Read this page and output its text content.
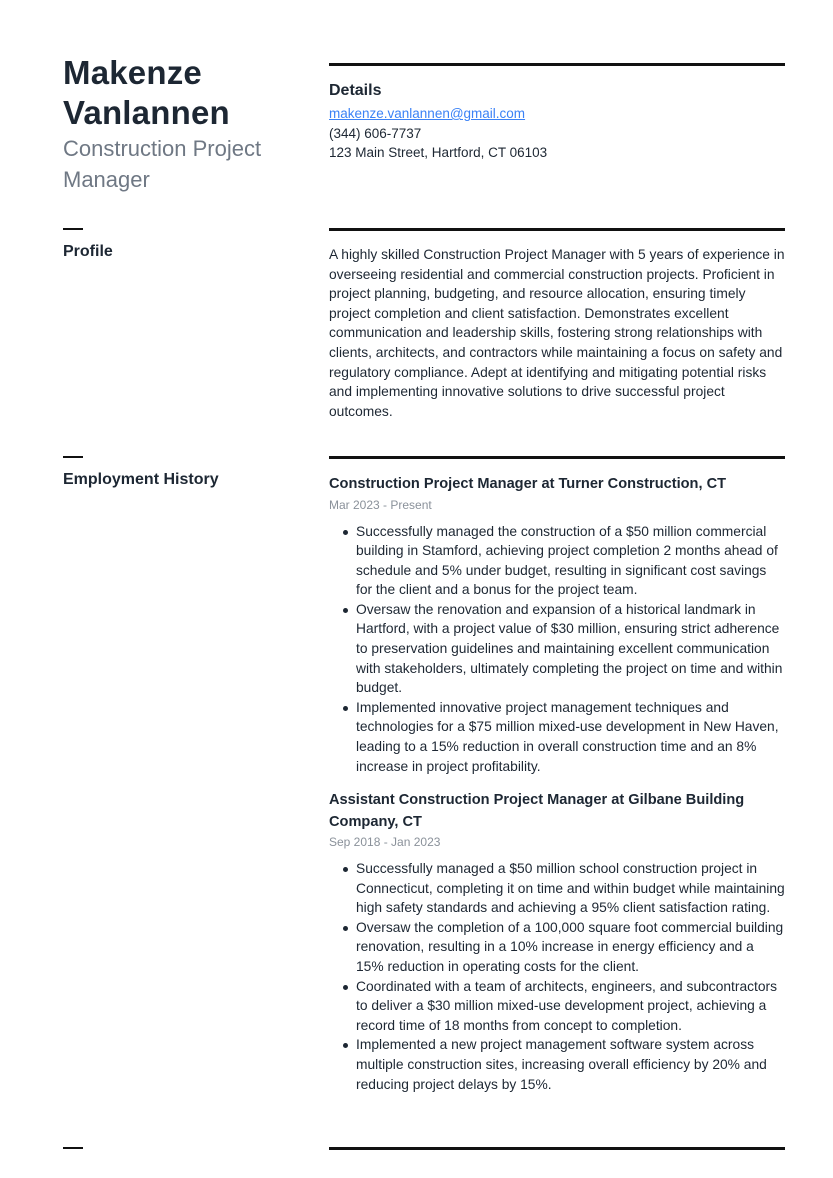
Makenze
Vanlannen
Construction Project
Manager
Details
makenze.vanlannen@gmail.com
(344) 606-7737
123 Main Street, Hartford, CT 06103
Profile	A highly skilled Construction Project Manager with 5 years of experience in overseeing residential and commercial construction projects. Proficient in project planning, budgeting, and resource allocation, ensuring timely project completion and client satisfaction. Demonstrates excellent communication and leadership skills, fostering strong relationships with clients, architects, and contractors while maintaining a focus on safety and regulatory compliance. Adept at identifying and mitigating potential risks and implementing innovative solutions to drive successful project outcomes.
Employment History	Construction Project Manager at Turner Construction, CT
Mar 2023 - Present
Successfully managed the construction of a $50 million commercial building in Stamford, achieving project completion 2 months ahead of schedule and 5% under budget, resulting in significant cost savings for the client and a bonus for the project team.
Oversaw the renovation and expansion of a historical landmark in Hartford, with a project value of $30 million, ensuring strict adherence to preservation guidelines and maintaining excellent communication with stakeholders, ultimately completing the project on time and within budget.
Implemented innovative project management techniques and technologies for a $75 million mixed-use development in New Haven, leading to a 15% reduction in overall construction time and an 8% increase in project profitability.
Assistant Construction Project Manager at Gilbane Building Company, CT
Sep 2018 - Jan 2023
Successfully managed a $50 million school construction project in Connecticut, completing it on time and within budget while maintaining high safety standards and achieving a 95% client satisfaction rating.
Oversaw the completion of a 100,000 square foot commercial building renovation, resulting in a 10% increase in energy efficiency and a 15% reduction in operating costs for the client.
Coordinated with a team of architects, engineers, and subcontractors to deliver a $30 million mixed-use development project, achieving a record time of 18 months from concept to completion.
Implemented a new project management software system across multiple construction sites, increasing overall efficiency by 20% and reducing project delays by 15%.
